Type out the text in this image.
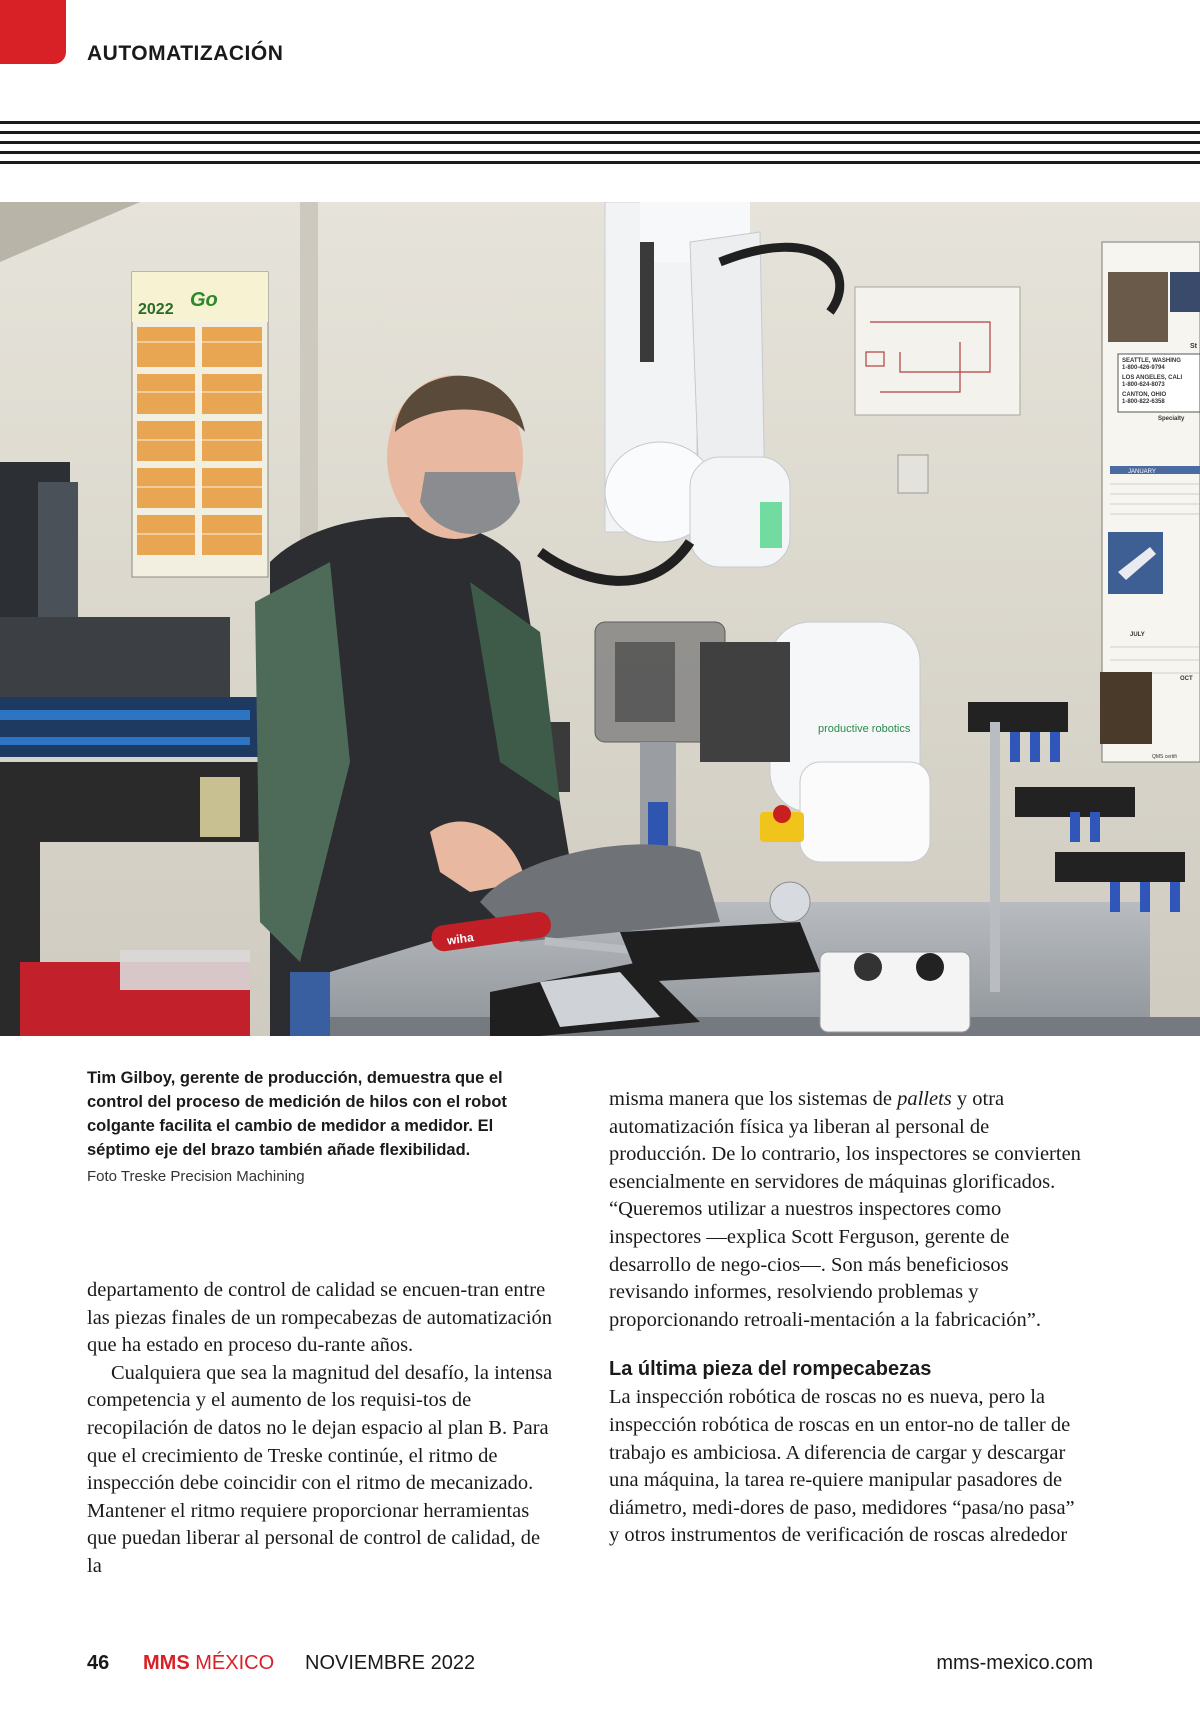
AUTOMATIZACIÓN
2022 Go
St
SEATTLE, WASHING
1-800-426-9794
LOS ANGELES, CALI
1-800-624-8073
CANTON, OHIO
1-800-822-6358
Specialty
JANUARY
JULY
OCT
QMS certifi
productive robotics
wiha

Tim Gilboy, gerente de producción, demuestra que el control del proceso de medición de hilos con el robot colgante facilita el cambio de medidor a medidor. El séptimo eje del brazo también añade flexibilidad.

Foto Treske Precision Machining

departamento de control de calidad se encuen-tran entre las piezas finales de un rompecabezas de automatización que ha estado en proceso du-rante años.

Cualquiera que sea la magnitud del desafío, la intensa competencia y el aumento de los requisi-tos de recopilación de datos no le dejan espacio al plan B. Para que el crecimiento de Treske continúe, el ritmo de inspección debe coincidir con el ritmo de mecanizado. Mantener el ritmo requiere proporcionar herramientas que puedan liberar al personal de control de calidad, de la

misma manera que los sistemas de pallets y otra automatización física ya liberan al personal de producción. De lo contrario, los inspectores se convierten esencialmente en servidores de máquinas glorificados. “Queremos utilizar a nuestros inspectores como inspectores —explica Scott Ferguson, gerente de desarrollo de nego-cios—. Son más beneficiosos revisando informes, resolviendo problemas y proporcionando retroali-mentación a la fabricación”.

La última pieza del rompecabezas

La inspección robótica de roscas no es nueva, pero la inspección robótica de roscas en un entor-no de taller de trabajo es ambiciosa. A diferencia de cargar y descargar una máquina, la tarea re-quiere manipular pasadores de diámetro, medi-dores de paso, medidores “pasa/no pasa” y otros instrumentos de verificación de roscas alrededor

46 MMS MÉXICO NOVIEMBRE 2022	mms-mexico.com
